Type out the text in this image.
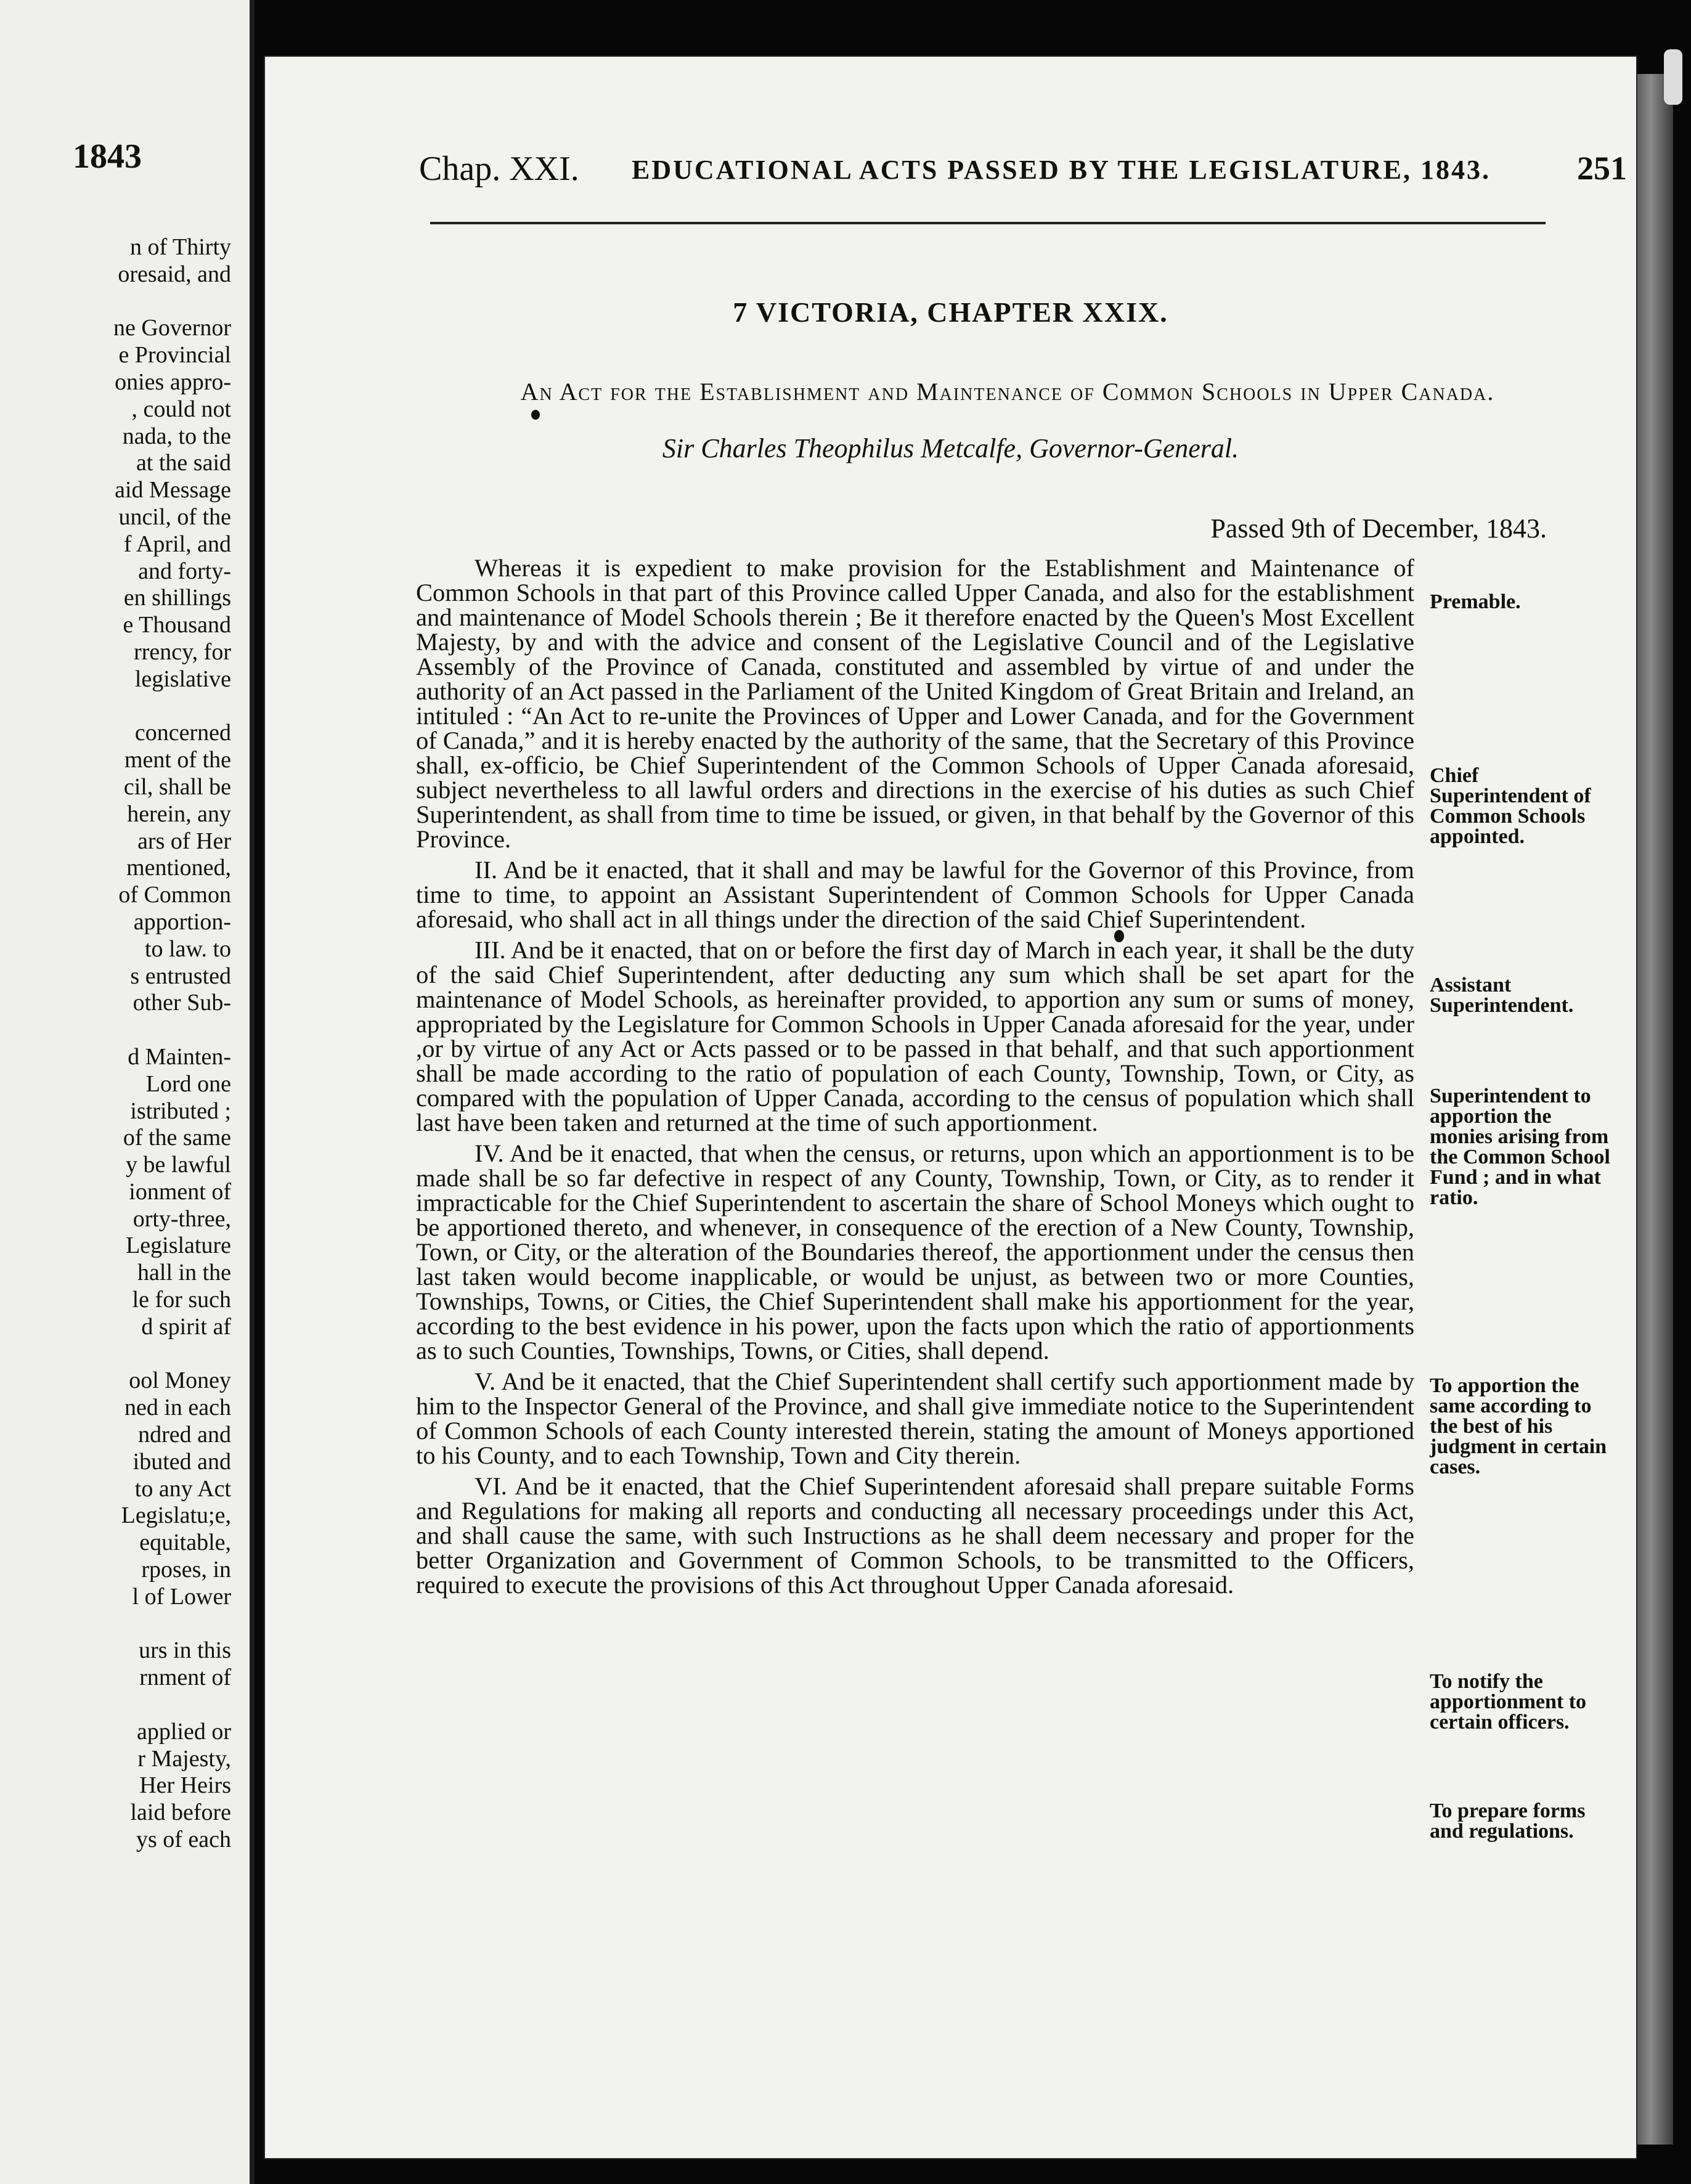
1843
n of Thirty
oresaid, and
ne Governor
e Provincial
onies appro-
, could not
nada, to the
at the said
aid Message
uncil, of the
f April, and
and forty-
en shillings
e Thousand
rrency, for
legislative
concerned
ment of the
cil, shall be
herein, any
ars of Her
mentioned,
of Common
apportion-
to law. to
s entrusted
other Sub-
d Mainten-
Lord one
istributed ;
of the same
y be lawful
ionment of
orty-three,
Legislature
hall in the
le for such
d spirit af
ool Money
ned in each
ndred and
ibuted and
to any Act
Legislatu;e,
equitable,
rposes, in
l of Lower
urs in this
rnment of
applied or
r Majesty,
Her Heirs
laid before
ys of each
Chap. XXI. EDUCATIONAL ACTS PASSED BY THE LEGISLATURE, 1843.	251
7 VICTORIA, CHAPTER XXIX.
An Act for the Establishment and Maintenance of Common Schools in Upper Canada.
Sir Charles Theophilus Metcalfe, Governor-General.
Passed 9th of December, 1843.

Whereas it is expedient to make provision for the Establishment and Maintenance of Common Schools in that part of this Province called Upper Canada, and also for the establishment and maintenance of Model Schools therein ; Be it therefore enacted by the Queen's Most Excellent Majesty, by and with the advice and consent of the Legislative Council and of the Legislative Assembly of the Province of Canada, constituted and assembled by virtue of and under the authority of an Act passed in the Parliament of the United Kingdom of Great Britain and Ireland, an intituled : “An Act to re-unite the Provinces of Upper and Lower Canada, and for the Government of Canada,” and it is hereby enacted by the authority of the same, that the Secretary of this Province shall, ex-officio, be Chief Superintendent of the Common Schools of Upper Canada aforesaid, subject nevertheless to all lawful orders and directions in the exercise of his duties as such Chief Superintendent, as shall from time to time be issued, or given, in that behalf by the Governor of this Province.

II. And be it enacted, that it shall and may be lawful for the Governor of this Province, from time to time, to appoint an Assistant Superintendent of Common Schools for Upper Canada aforesaid, who shall act in all things under the direction of the said Chief Superintendent.

III. And be it enacted, that on or before the first day of March in each year, it shall be the duty of the said Chief Superintendent, after deducting any sum which shall be set apart for the maintenance of Model Schools, as hereinafter provided, to apportion any sum or sums of money, appropriated by the Legislature for Common Schools in Upper Canada aforesaid for the year, under ,or by virtue of any Act or Acts passed or to be passed in that behalf, and that such apportionment shall be made according to the ratio of population of each County, Township, Town, or City, as compared with the population of Upper Canada, according to the census of population which shall last have been taken and returned at the time of such apportionment.

IV. And be it enacted, that when the census, or returns, upon which an apportionment is to be made shall be so far defective in respect of any County, Township, Town, or City, as to render it impracticable for the Chief Superintendent to ascertain the share of School Moneys which ought to be apportioned thereto, and whenever, in consequence of the erection of a New County, Township, Town, or City, or the alteration of the Boundaries thereof, the apportionment under the census then last taken would become inapplicable, or would be unjust, as between two or more Counties, Townships, Towns, or Cities, the Chief Superintendent shall make his apportionment for the year, according to the best evidence in his power, upon the facts upon which the ratio of apportionments as to such Counties, Townships, Towns, or Cities, shall depend.

V. And be it enacted, that the Chief Superintendent shall certify such apportionment made by him to the Inspector General of the Province, and shall give immediate notice to the Superintendent of Common Schools of each County interested therein, stating the amount of Moneys apportioned to his County, and to each Township, Town and City therein.

VI. And be it enacted, that the Chief Superintendent aforesaid shall prepare suitable Forms and Regulations for making all reports and conducting all necessary proceedings under this Act, and shall cause the same, with such Instructions as he shall deem necessary and proper for the better Organization and Government of Common Schools, to be transmitted to the Officers, required to execute the provisions of this Act throughout Upper Canada aforesaid.

Premable.
Chief Superintendent of Common Schools appointed.
Assistant Superintendent.
Superintendent to apportion the monies arising from the Common School Fund ; and in what ratio.
To apportion the same according to the best of his judgment in certain cases.
To notify the apportionment to certain officers.
To prepare forms and regulations.
